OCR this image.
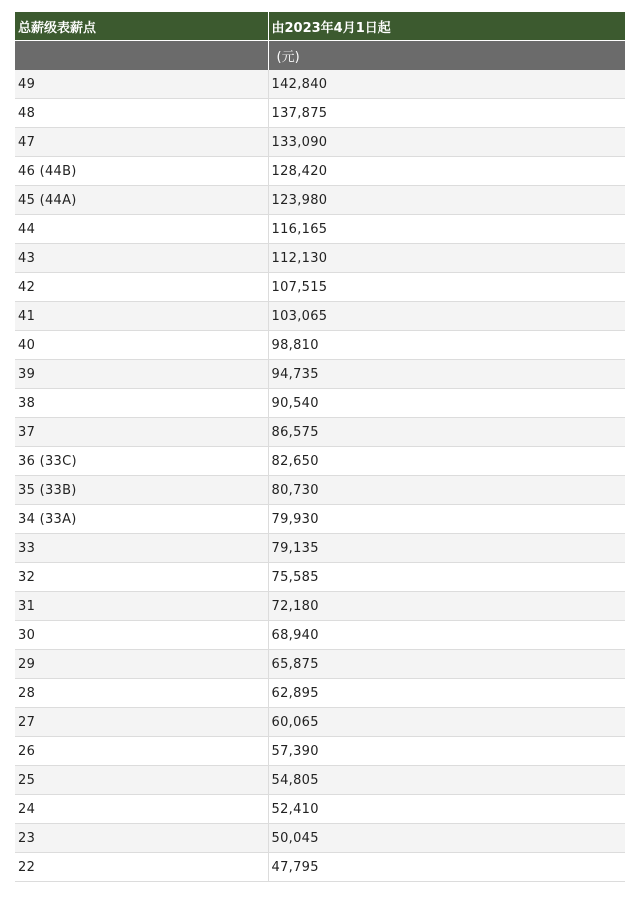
总薪级表薪点	由2023年4月1日起
	(元)
49	142,840
48	137,875
47	133,090
46 (44B)	128,420
45 (44A)	123,980
44	116,165
43	112,130
42	107,515
41	103,065
40	98,810
39	94,735
38	90,540
37	86,575
36 (33C)	82,650
35 (33B)	80,730
34 (33A)	79,930
33	79,135
32	75,585
31	72,180
30	68,940
29	65,875
28	62,895
27	60,065
26	57,390
25	54,805
24	52,410
23	50,045
22	47,795
